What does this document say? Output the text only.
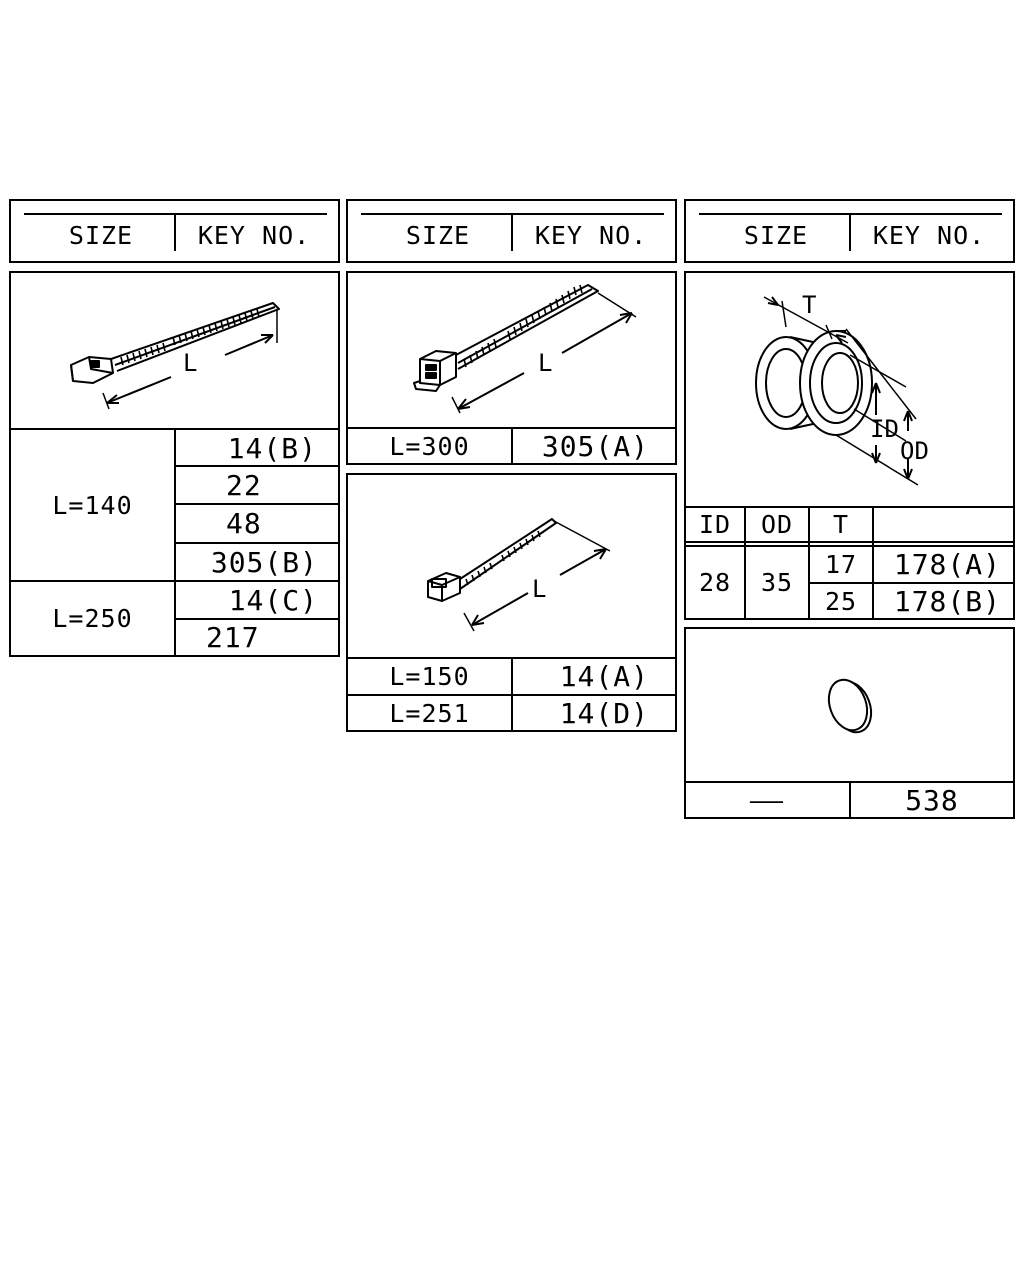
SIZE	KEY NO.	SIZE	KEY NO.	SIZE	KEY NO.
L
L=140
14(B)
22
48
305(B)
L=250
14(C)
217
L
L=300	305(A)
L
L=150	14(A)
L=251	14(D)
T
ID
OD
ID	OD	T
28	35
17	178(A)
25	178(B)
—	538
